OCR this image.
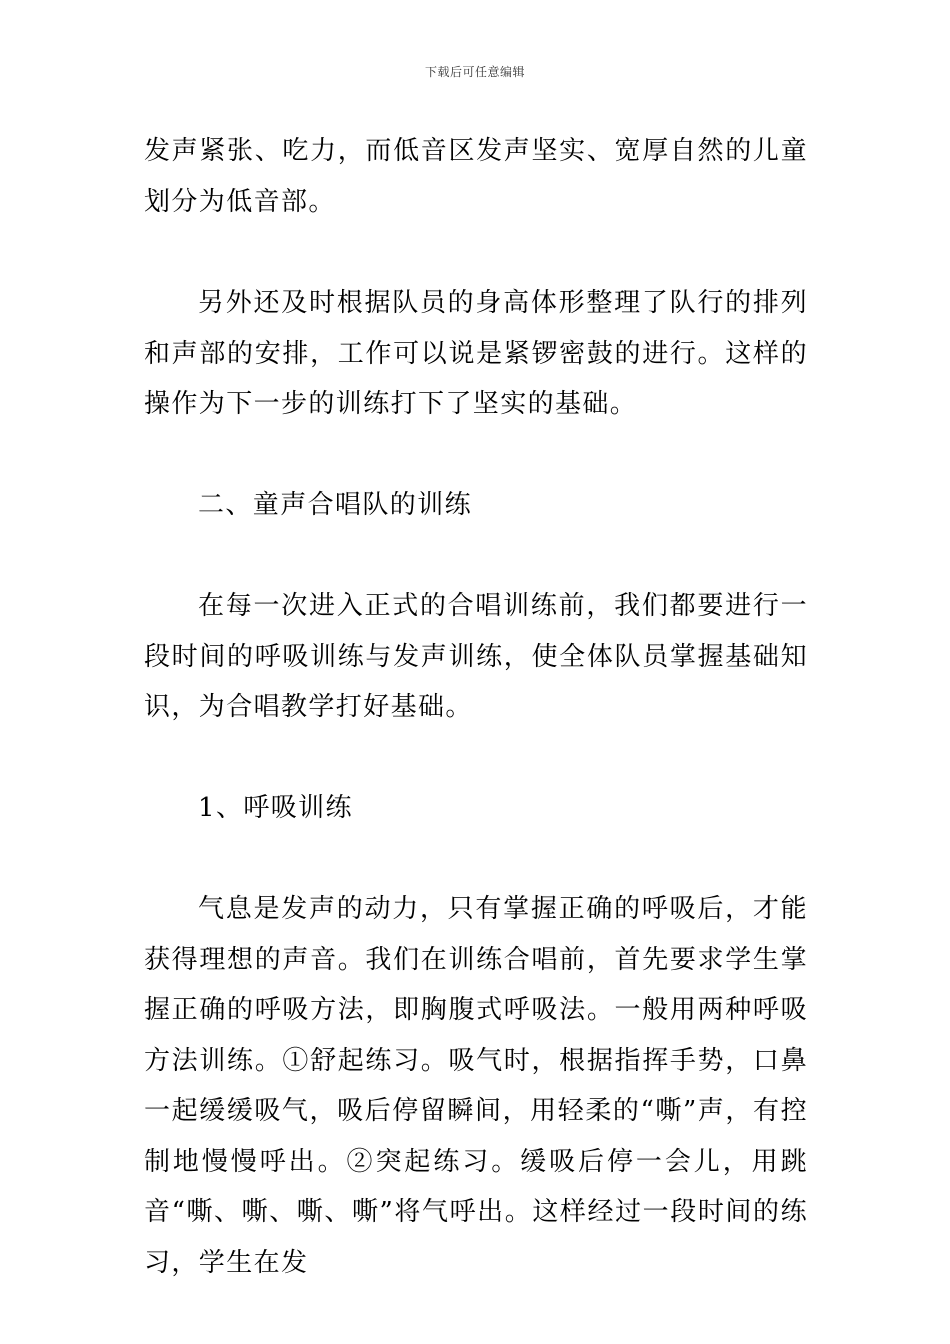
下载后可任意编辑

发声紧张、吃力，而低音区发声坚实、宽厚自然的儿童划分为低音部。

另外还及时根据队员的身高体形整理了队行的排列和声部的安排，工作可以说是紧锣密鼓的进行。这样的操作为下一步的训练打下了坚实的基础。

二、童声合唱队的训练

在每一次进入正式的合唱训练前，我们都要进行一段时间的呼吸训练与发声训练，使全体队员掌握基础知识，为合唱教学打好基础。

1、呼吸训练

气息是发声的动力，只有掌握正确的呼吸后，才能获得理想的声音。我们在训练合唱前，首先要求学生掌握正确的呼吸方法，即胸腹式呼吸法。一般用两种呼吸方法训练。①舒起练习。吸气时，根据指挥手势，口鼻一起缓缓吸气，吸后停留瞬间，用轻柔的“嘶”声，有控制地慢慢呼出。②突起练习。缓吸后停一会儿，用跳音“嘶、嘶、嘶、嘶”将气呼出。这样经过一段时间的练习，学生在发
